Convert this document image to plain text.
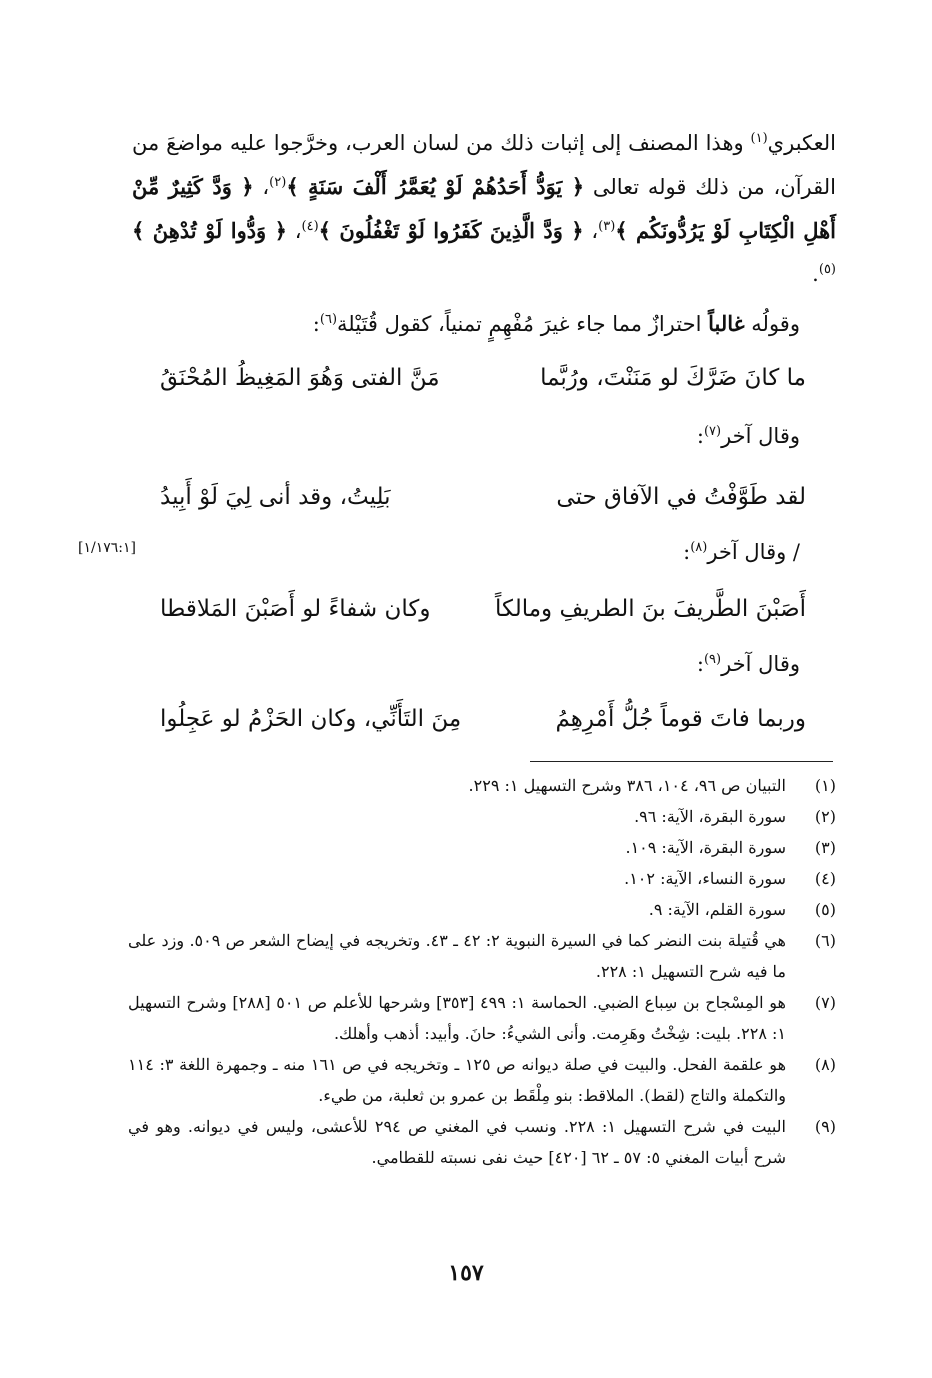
العكبري$^{(١)}$ وهذا المصنف إلى إثبات ذلك من لسان العرب، وخرَّجوا عليه مواضعَ من القرآن، من ذلك قوله تعالى ﴿ يَوَدُّ أَحَدُهُمْ لَوْ يُعَمَّرُ أَلْفَ سَنَةٍ ﴾$^{(٢)}$، ﴿ وَدَّ كَثِيرٌ مِّنْ أَهْلِ الْكِتَابِ لَوْ يَرُدُّونَكُم ﴾$^{(٣)}$، ﴿ وَدَّ الَّذِينَ كَفَرُوا لَوْ تَغْفُلُونَ ﴾$^{(٤)}$، ﴿ وَدُّوا لَوْ تُدْهِنُ ﴾$^{(٥)}$.
وقولُه غالباً احترازٌ مما جاء غيرَ مُفْهِمٍ تمنياً، كقول قُتَيْلة$^{(٦)}$:
ما كانَ ضَرَّكَ لو مَنَنْتَ، ورُبَّما
مَنَّ الفتى وَهُوَ المَغِيظُ المُحْنَقُ
وقال آخر$^{(٧)}$:
لقد طَوَّفْتُ في الآفاق حتى
بَلِيتُ، وقد أنى لِيَ لَوْ أَبِيدُ
/ وقال آخر$^{(٨)}$:
[١/١٧٦:١]
أَصَبْنَ الطَّريفَ بنَ الطريفِ ومالكاً
وكان شفاءً لو أَصَبْنَ المَلاقطا
وقال آخر$^{(٩)}$:
وربما فاتَ قوماً جُلُّ أَمْرِهِمُ
مِنَ التَأَنِّي، وكان الحَزْمُ لو عَجِلُوا
(١)
التبيان ص ٩٦، ١٠٤، ٣٨٦ وشرح التسهيل ١: ٢٢٩.
(٢)
سورة البقرة، الآية: ٩٦.
(٣)
سورة البقرة، الآية: ١٠٩.
(٤)
سورة النساء، الآية: ١٠٢.
(٥)
سورة القلم، الآية: ٩.
(٦)
هي قُتيلة بنت النضر كما في السيرة النبوية ٢: ٤٢ ـ ٤٣. وتخريجه في إيضاح الشعر ص ٥٠٩. وزد على ما فيه شرح التسهيل ١: ٢٢٨.
(٧)
هو المِسْجاح بن سِباع الضبي. الحماسة ١: ٤٩٩ [٣٥٣] وشرحها للأعلم ص ٥٠١ [٢٨٨] وشرح التسهيل ١: ٢٢٨. بليت: شِخْتُ وهَرِمت. وأنى الشيءُ: حانَ. وأبيد: أذهب وأهلك.
(٨)
هو علقمة الفحل. والبيت في صلة ديوانه ص ١٢٥ ـ وتخريجه في ص ١٦١ منه ـ وجمهرة اللغة ٣: ١١٤ والتكملة والتاج (لقط). الملاقط: بنو مِلْقَط بن عمرو بن ثعلبة، من طيء.
(٩)
البيت في شرح التسهيل ١: ٢٢٨. ونسب في المغني ص ٢٩٤ للأعشى، وليس في ديوانه. وهو في شرح أبيات المغني ٥: ٥٧ ـ ٦٢ [٤٢٠] حيث نفى نسبته للقطامي.
١٥٧
